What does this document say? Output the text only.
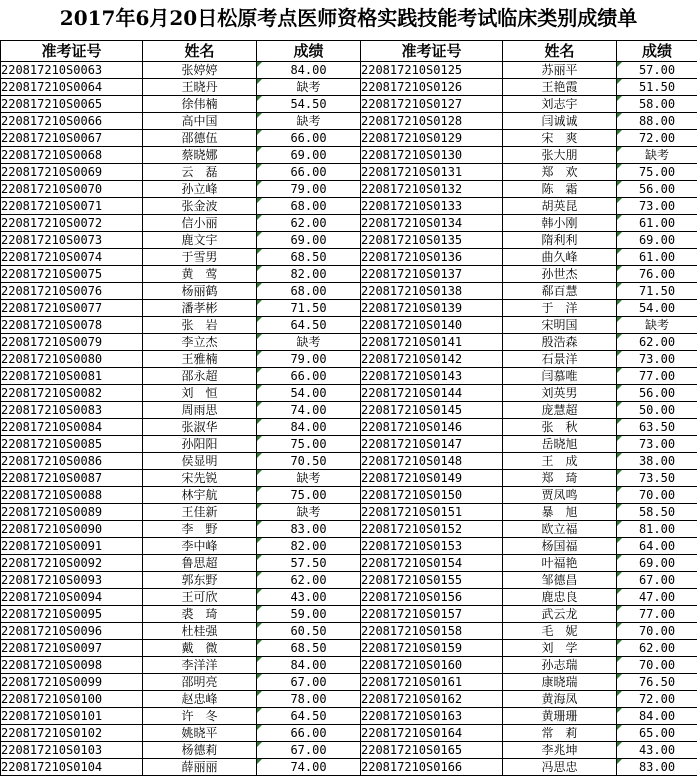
2017年6月20日松原考点医师资格实践技能考试临床类别成绩单
准考证号	姓名	成绩	准考证号	姓名	成绩
220817210S0063	张婷婷	84.00	220817210S0125	苏丽平	57.00
220817210S0064	王晓丹	缺考	220817210S0126	王艳霞	51.50
220817210S0065	徐伟楠	54.50	220817210S0127	刘志宇	58.00
220817210S0066	高中国	缺考	220817210S0128	闫诚诚	88.00
220817210S0067	邵德伍	66.00	220817210S0129	宋　爽	72.00
220817210S0068	蔡晓娜	69.00	220817210S0130	张大朋	缺考
220817210S0069	云　磊	66.00	220817210S0131	郑　欢	75.00
220817210S0070	孙立峰	79.00	220817210S0132	陈　霜	56.00
220817210S0071	张金波	68.00	220817210S0133	胡英昆	73.00
220817210S0072	信小丽	62.00	220817210S0134	韩小刚	61.00
220817210S0073	鹿文宇	69.00	220817210S0135	隋利利	69.00
220817210S0074	于雪男	68.50	220817210S0136	曲久峰	61.00
220817210S0075	黄　莺	82.00	220817210S0137	孙世杰	76.00
220817210S0076	杨丽鹤	68.00	220817210S0138	郗百慧	71.50
220817210S0077	潘孝彬	71.50	220817210S0139	于　洋	54.00
220817210S0078	张　岩	64.50	220817210S0140	宋明国	缺考
220817210S0079	李立杰	缺考	220817210S0141	殷浩森	62.00
220817210S0080	王雅楠	79.00	220817210S0142	石景洋	73.00
220817210S0081	邵永超	66.00	220817210S0143	闫慕唯	77.00
220817210S0082	刘　恒	54.00	220817210S0144	刘英男	56.00
220817210S0083	周雨思	74.00	220817210S0145	庞慧超	50.00
220817210S0084	张淑华	84.00	220817210S0146	张　秋	63.50
220817210S0085	孙阳阳	75.00	220817210S0147	岳晓旭	73.00
220817210S0086	侯显明	70.50	220817210S0148	王　成	38.00
220817210S0087	宋先锐	缺考	220817210S0149	郑　琦	73.50
220817210S0088	林宇航	75.00	220817210S0150	贾凤鸣	70.00
220817210S0089	王佳新	缺考	220817210S0151	暴　旭	58.50
220817210S0090	李　野	83.00	220817210S0152	欧立福	81.00
220817210S0091	李中峰	82.00	220817210S0153	杨国福	64.00
220817210S0092	鲁思超	57.50	220817210S0154	叶福艳	69.00
220817210S0093	郭东野	62.00	220817210S0155	邹德昌	67.00
220817210S0094	王可欣	43.00	220817210S0156	鹿忠良	47.00
220817210S0095	裘　琦	59.00	220817210S0157	武云龙	77.00
220817210S0096	杜桂强	60.50	220817210S0158	毛　妮	70.00
220817210S0097	戴　微	68.50	220817210S0159	刘　学	62.00
220817210S0098	李洋洋	84.00	220817210S0160	孙志瑞	70.00
220817210S0099	邵明亮	67.00	220817210S0161	康晓瑞	76.50
220817210S0100	赵忠峰	78.00	220817210S0162	黄海凤	72.00
220817210S0101	许　冬	64.50	220817210S0163	黄珊珊	84.00
220817210S0102	姚晓平	66.00	220817210S0164	常　莉	65.00
220817210S0103	杨德莉	67.00	220817210S0165	李兆坤	43.00
220817210S0104	薛丽丽	74.00	220817210S0166	冯思忠	83.00
